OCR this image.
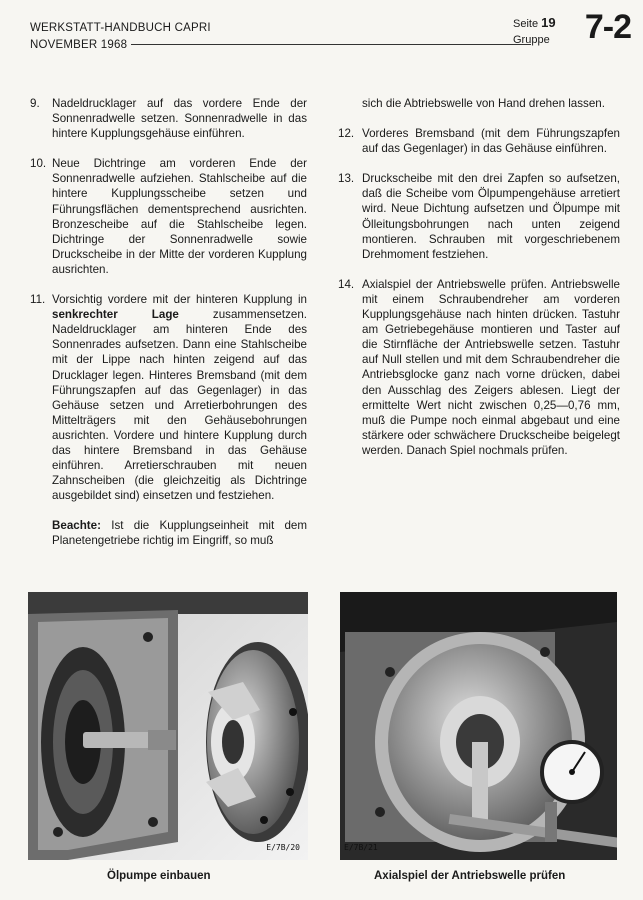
WERKSTATT-HANDBUCH CAPRI
NOVEMBER 1968
Seite 19
Gruppe 7-2
9. Nadeldrucklager auf das vordere Ende der Sonnenradwelle setzen. Sonnenradwelle in das hintere Kupplungsgehäuse einführen.
10. Neue Dichtringe am vorderen Ende der Sonnenradwelle aufziehen. Stahlscheibe auf die hintere Kupplungsscheibe setzen und Führungsflächen dementsprechend ausrichten. Bronzescheibe auf die Stahlscheibe legen. Dichtringe der Sonnenradwelle sowie Druckscheibe in der Mitte der vorderen Kupplung ausrichten.
11. Vorsichtig vordere mit der hinteren Kupplung in senkrechter Lage zusammensetzen. Nadeldrucklager am hinteren Ende des Sonnenrades aufsetzen. Dann eine Stahlscheibe mit der Lippe nach hinten zeigend auf das Drucklager legen. Hinteres Bremsband (mit dem Führungszapfen auf das Gegenlager) in das Gehäuse setzen und Arretierbohrungen des Mittelträgers mit den Gehäusebohrungen ausrichten. Vordere und hintere Kupplung durch das hintere Bremsband in das Gehäuse einführen. Arretierschrauben mit neuen Zahnscheiben (die gleichzeitig als Dichtringe ausgebildet sind) einsetzen und festziehen.
Beachte: Ist die Kupplungseinheit mit dem Planetengetriebe richtig im Eingriff, so muß
sich die Abtriebswelle von Hand drehen lassen.
12. Vorderes Bremsband (mit dem Führungszapfen auf das Gegenlager) in das Gehäuse einführen.
13. Druckscheibe mit den drei Zapfen so aufsetzen, daß die Scheibe vom Ölpumpengehäuse arretiert wird. Neue Dichtung aufsetzen und Ölpumpe mit Ölleitungsbohrungen nach unten zeigend montieren. Schrauben mit vorgeschriebenem Drehmoment festziehen.
14. Axialspiel der Antriebswelle prüfen. Antriebswelle mit einem Schraubendreher am vorderen Kupplungsgehäuse nach hinten drücken. Tastuhr am Getriebegehäuse montieren und Taster auf die Stirnfläche der Antriebswelle setzen. Tastuhr auf Null stellen und mit dem Schraubendreher die Antriebsglocke ganz nach vorne drücken, dabei den Ausschlag des Zeigers ablesen. Liegt der ermittelte Wert nicht zwischen 0,25—0,76 mm, muß die Pumpe noch einmal abgebaut und eine stärkere oder schwächere Druckscheibe beigelegt werden. Danach Spiel nochmals prüfen.
E/7B/20
Ölpumpe einbauen
E/7B/21
Axialspiel der Antriebswelle prüfen
